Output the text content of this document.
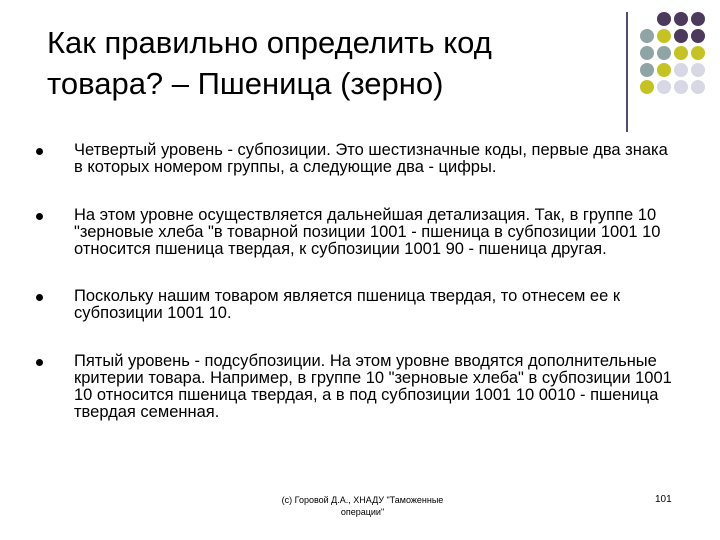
Как правильно определить код
товара? – Пшеница (зерно)
Четвертый уровень - субпозиции. Это шестизначные коды, первые два знака в которых номером группы, а следующие два - цифры.
На этом уровне осуществляется дальнейшая детализация. Так, в группе 10 "зерновые хлеба "в товарной позиции 1001 - пшеница в субпозиции 1001 10 относится пшеница твердая, к субпозиции 1001 90 - пшеница другая.
Поскольку нашим товаром является пшеница твердая, то отнесем ее к субпозиции 1001 10.
Пятый уровень - подсубпозиции. На этом уровне вводятся дополнительные критерии товара. Например, в группе 10 "зерновые хлеба" в субпозиции 1001 10 относится пшеница твердая, а в под субпозиции 1001 10 0010 - пшеница твердая семенная.
(c) Горовой Д.А., ХНАДУ "Таможенные
операции"
101
